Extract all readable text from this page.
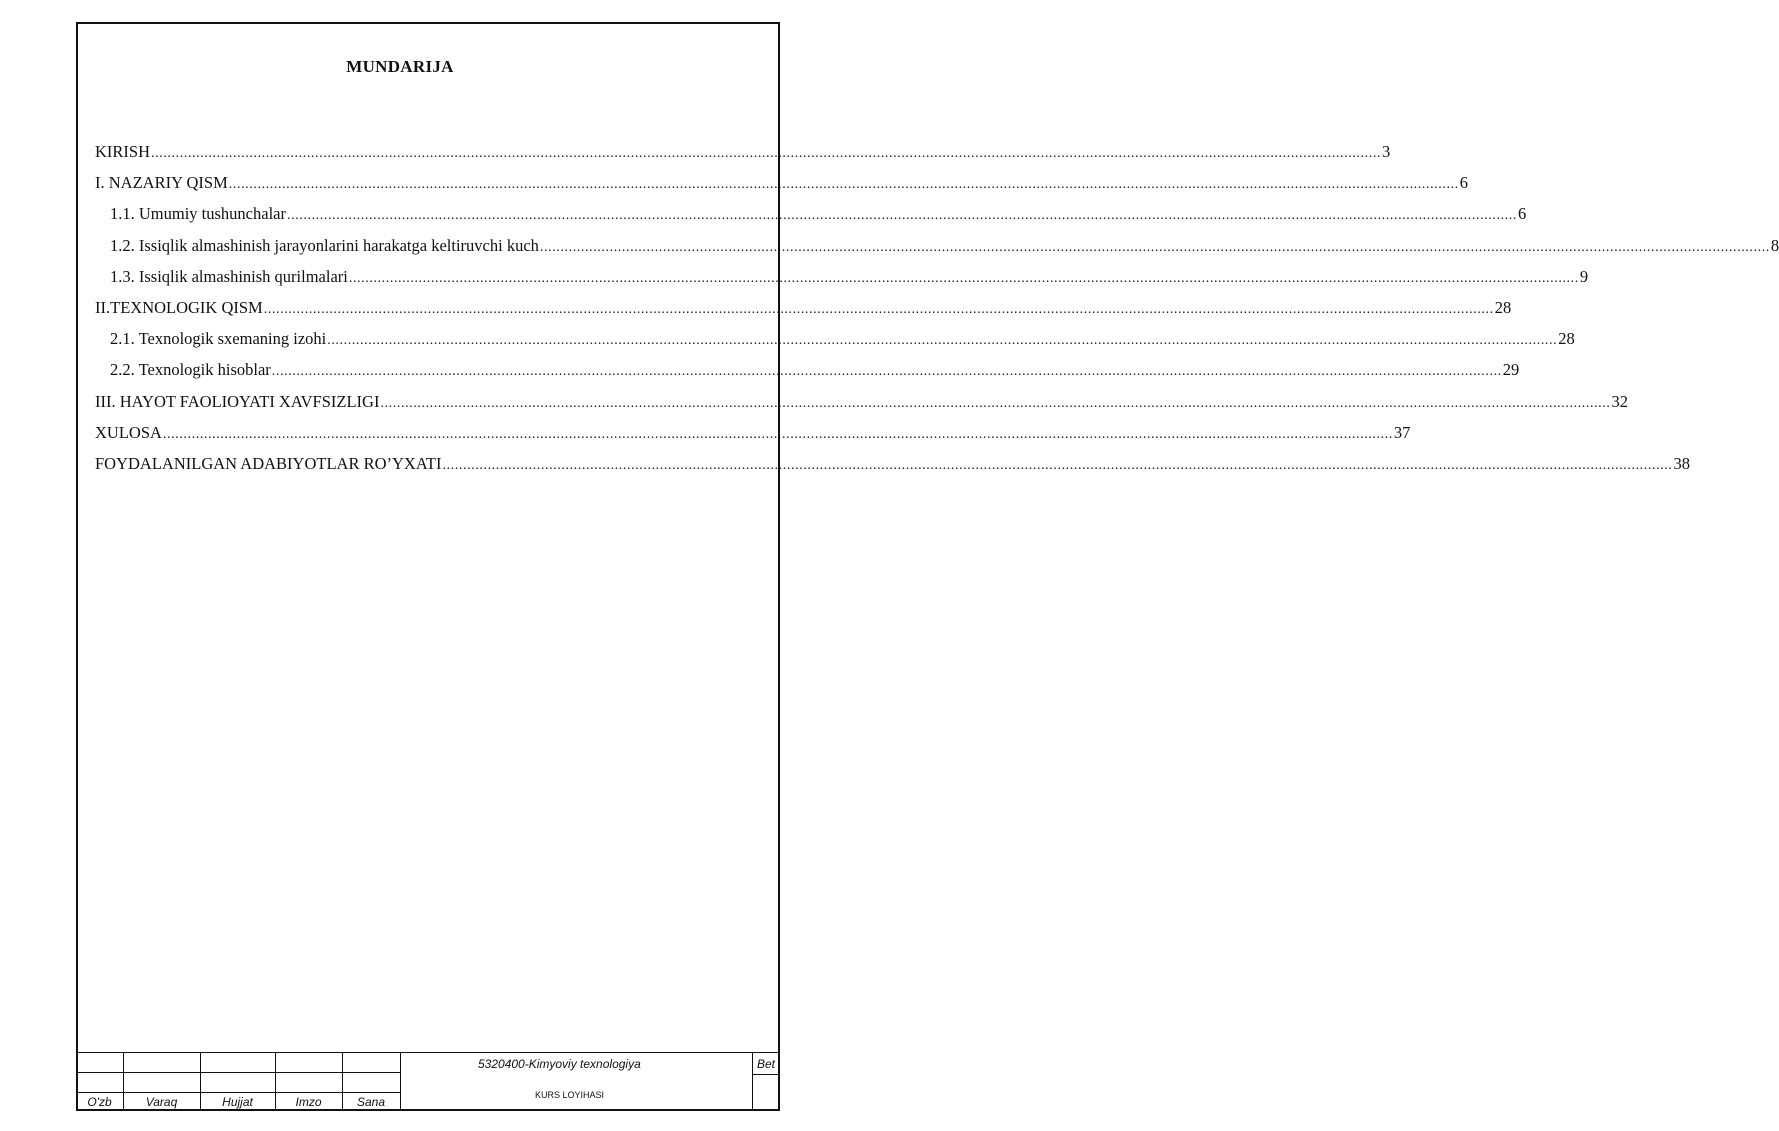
MUNDARIJA
KIRISH ............................................................................................................................................................................................................................................................................................................ 3
I. NAZARIY QISM ............................................................................................................................................................................................................................................................................................................ 6
1.1. Umumiy tushunchalar ............................................................................................................................................................................................................................................................................................................ 6
1.2. Issiqlik almashinish jarayonlarini harakatga keltiruvchi kuch ............................................................................................................................................................................................................................................................................................................ 8
1.3. Issiqlik almashinish qurilmalari ............................................................................................................................................................................................................................................................................................................ 9
II.TEXNOLOGIK QISM ............................................................................................................................................................................................................................................................................................................ 28
2.1. Texnologik sxemaning izohi ............................................................................................................................................................................................................................................................................................................ 28
2.2. Texnologik hisoblar ............................................................................................................................................................................................................................................................................................................ 29
III. HAYOT FAOLIOYATI XAVFSIZLIGI ............................................................................................................................................................................................................................................................................................................ 32
XULOSA ............................................................................................................................................................................................................................................................................................................ 37
FOYDALANILGAN ADABIYOTLAR RO’YXATI ............................................................................................................................................................................................................................................................................................................ 38
O'zb	Varaq	Hujjat	Imzo	Sana
5320400-Kimyoviy texnologiya
KURS LOYIHASI
Bet
